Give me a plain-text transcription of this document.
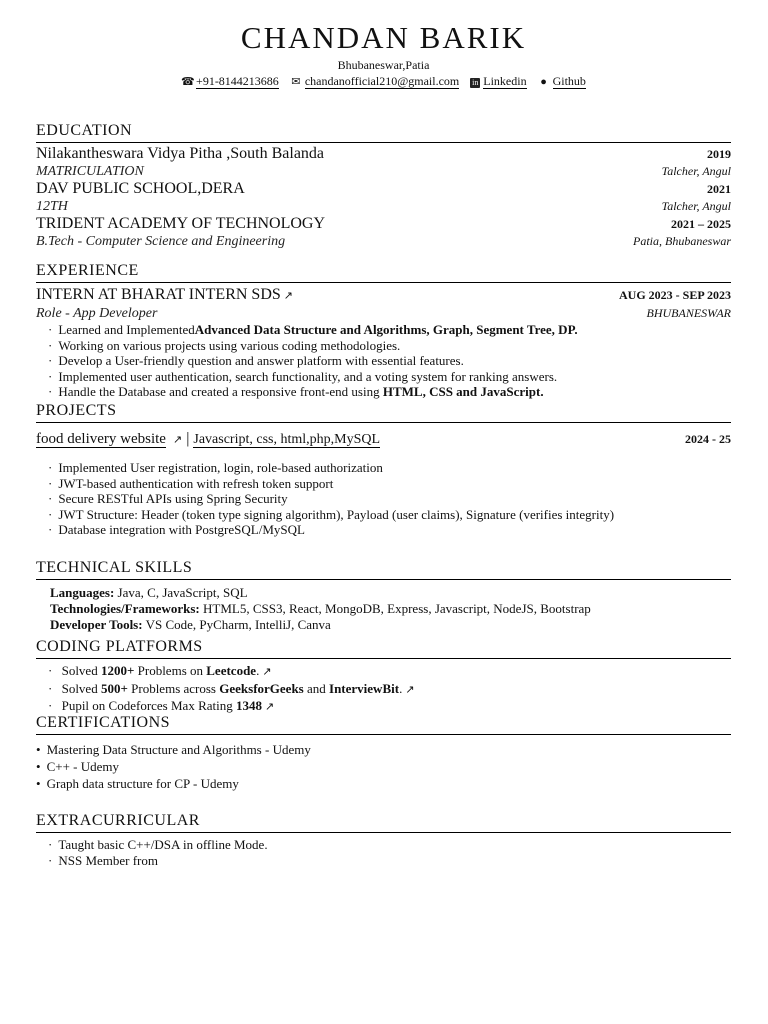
CHANDAN BARIK
Bhubaneswar,Patia
☎+91-8144213686 ✉ chandanofficial210@gmail.com in Linkedin ● Github
EDUCATION
Nilakantheswara Vidya Pitha ,South Balanda	2019
MATRICULATION	Talcher, Angul
DAV PUBLIC SCHOOL,DERA	2021
12TH	Talcher, Angul
TRIDENT ACADEMY OF TECHNOLOGY	2021 – 2025
B.Tech - Computer Science and Engineering	Patia, Bhubaneswar
EXPERIENCE
INTERN AT BHARAT INTERN SDS ↗	AUG 2023 - SEP 2023
Role - App Developer	BHUBANESWAR
· Learned and ImplementedAdvanced Data Structure and Algorithms, Graph, Segment Tree, DP.
· Working on various projects using various coding methodologies.
· Develop a User-friendly question and answer platform with essential features.
· Implemented user authentication, search functionality, and a voting system for ranking answers.
· Handle the Database and created a responsive front-end using HTML, CSS and JavaScript.
PROJECTS
food delivery website ↗ | Javascript, css, html,php,MySQL	2024 - 25
· Implemented User registration, login, role-based authorization
· JWT-based authentication with refresh token support
· Secure RESTful APIs using Spring Security
· JWT Structure: Header (token type signing algorithm), Payload (user claims), Signature (verifies integrity)
· Database integration with PostgreSQL/MySQL
TECHNICAL SKILLS
Languages: Java, C, JavaScript, SQL
Technologies/Frameworks: HTML5, CSS3, React, MongoDB, Express, Javascript, NodeJS, Bootstrap
Developer Tools: VS Code, PyCharm, IntelliJ, Canva
CODING PLATFORMS
· Solved 1200+ Problems on Leetcode. ↗
· Solved 500+ Problems across GeeksforGeeks and InterviewBit. ↗
· Pupil on Codeforces Max Rating 1348 ↗
CERTIFICATIONS
• Mastering Data Structure and Algorithms - Udemy
• C++ - Udemy
• Graph data structure for CP - Udemy
EXTRACURRICULAR
· Taught basic C++/DSA in offline Mode.
· NSS Member from
